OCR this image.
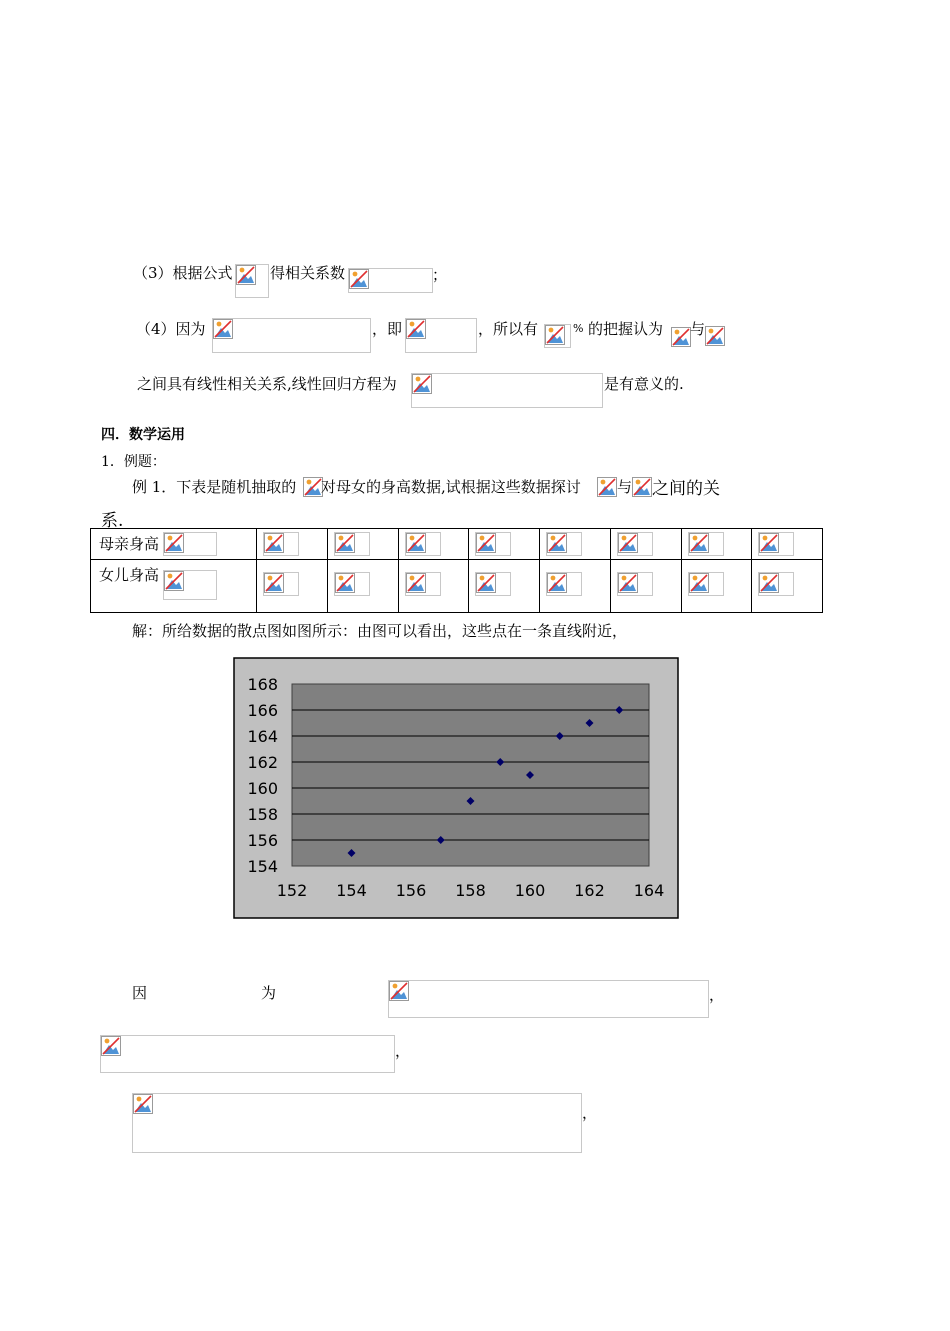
（3）根据公式 得相关系数	；
（4）因为	，即	，所以有	% 的把握认为 与
之间具有线性相关关系,线性回归方程为	是有意义的.
四．数学运用
1．例题：
例 1．下表是随机抽取的 对母女的身高数据,试根据这些数据探讨 与 之间的关
系.
母亲身高

女儿身高

解：所给数据的散点图如图所示：由图可以看出，这些点在一条直线附近，
154
156
158
160
162
164
166
168
152 154 156 158 160 162 164
因	为	，
，
，
